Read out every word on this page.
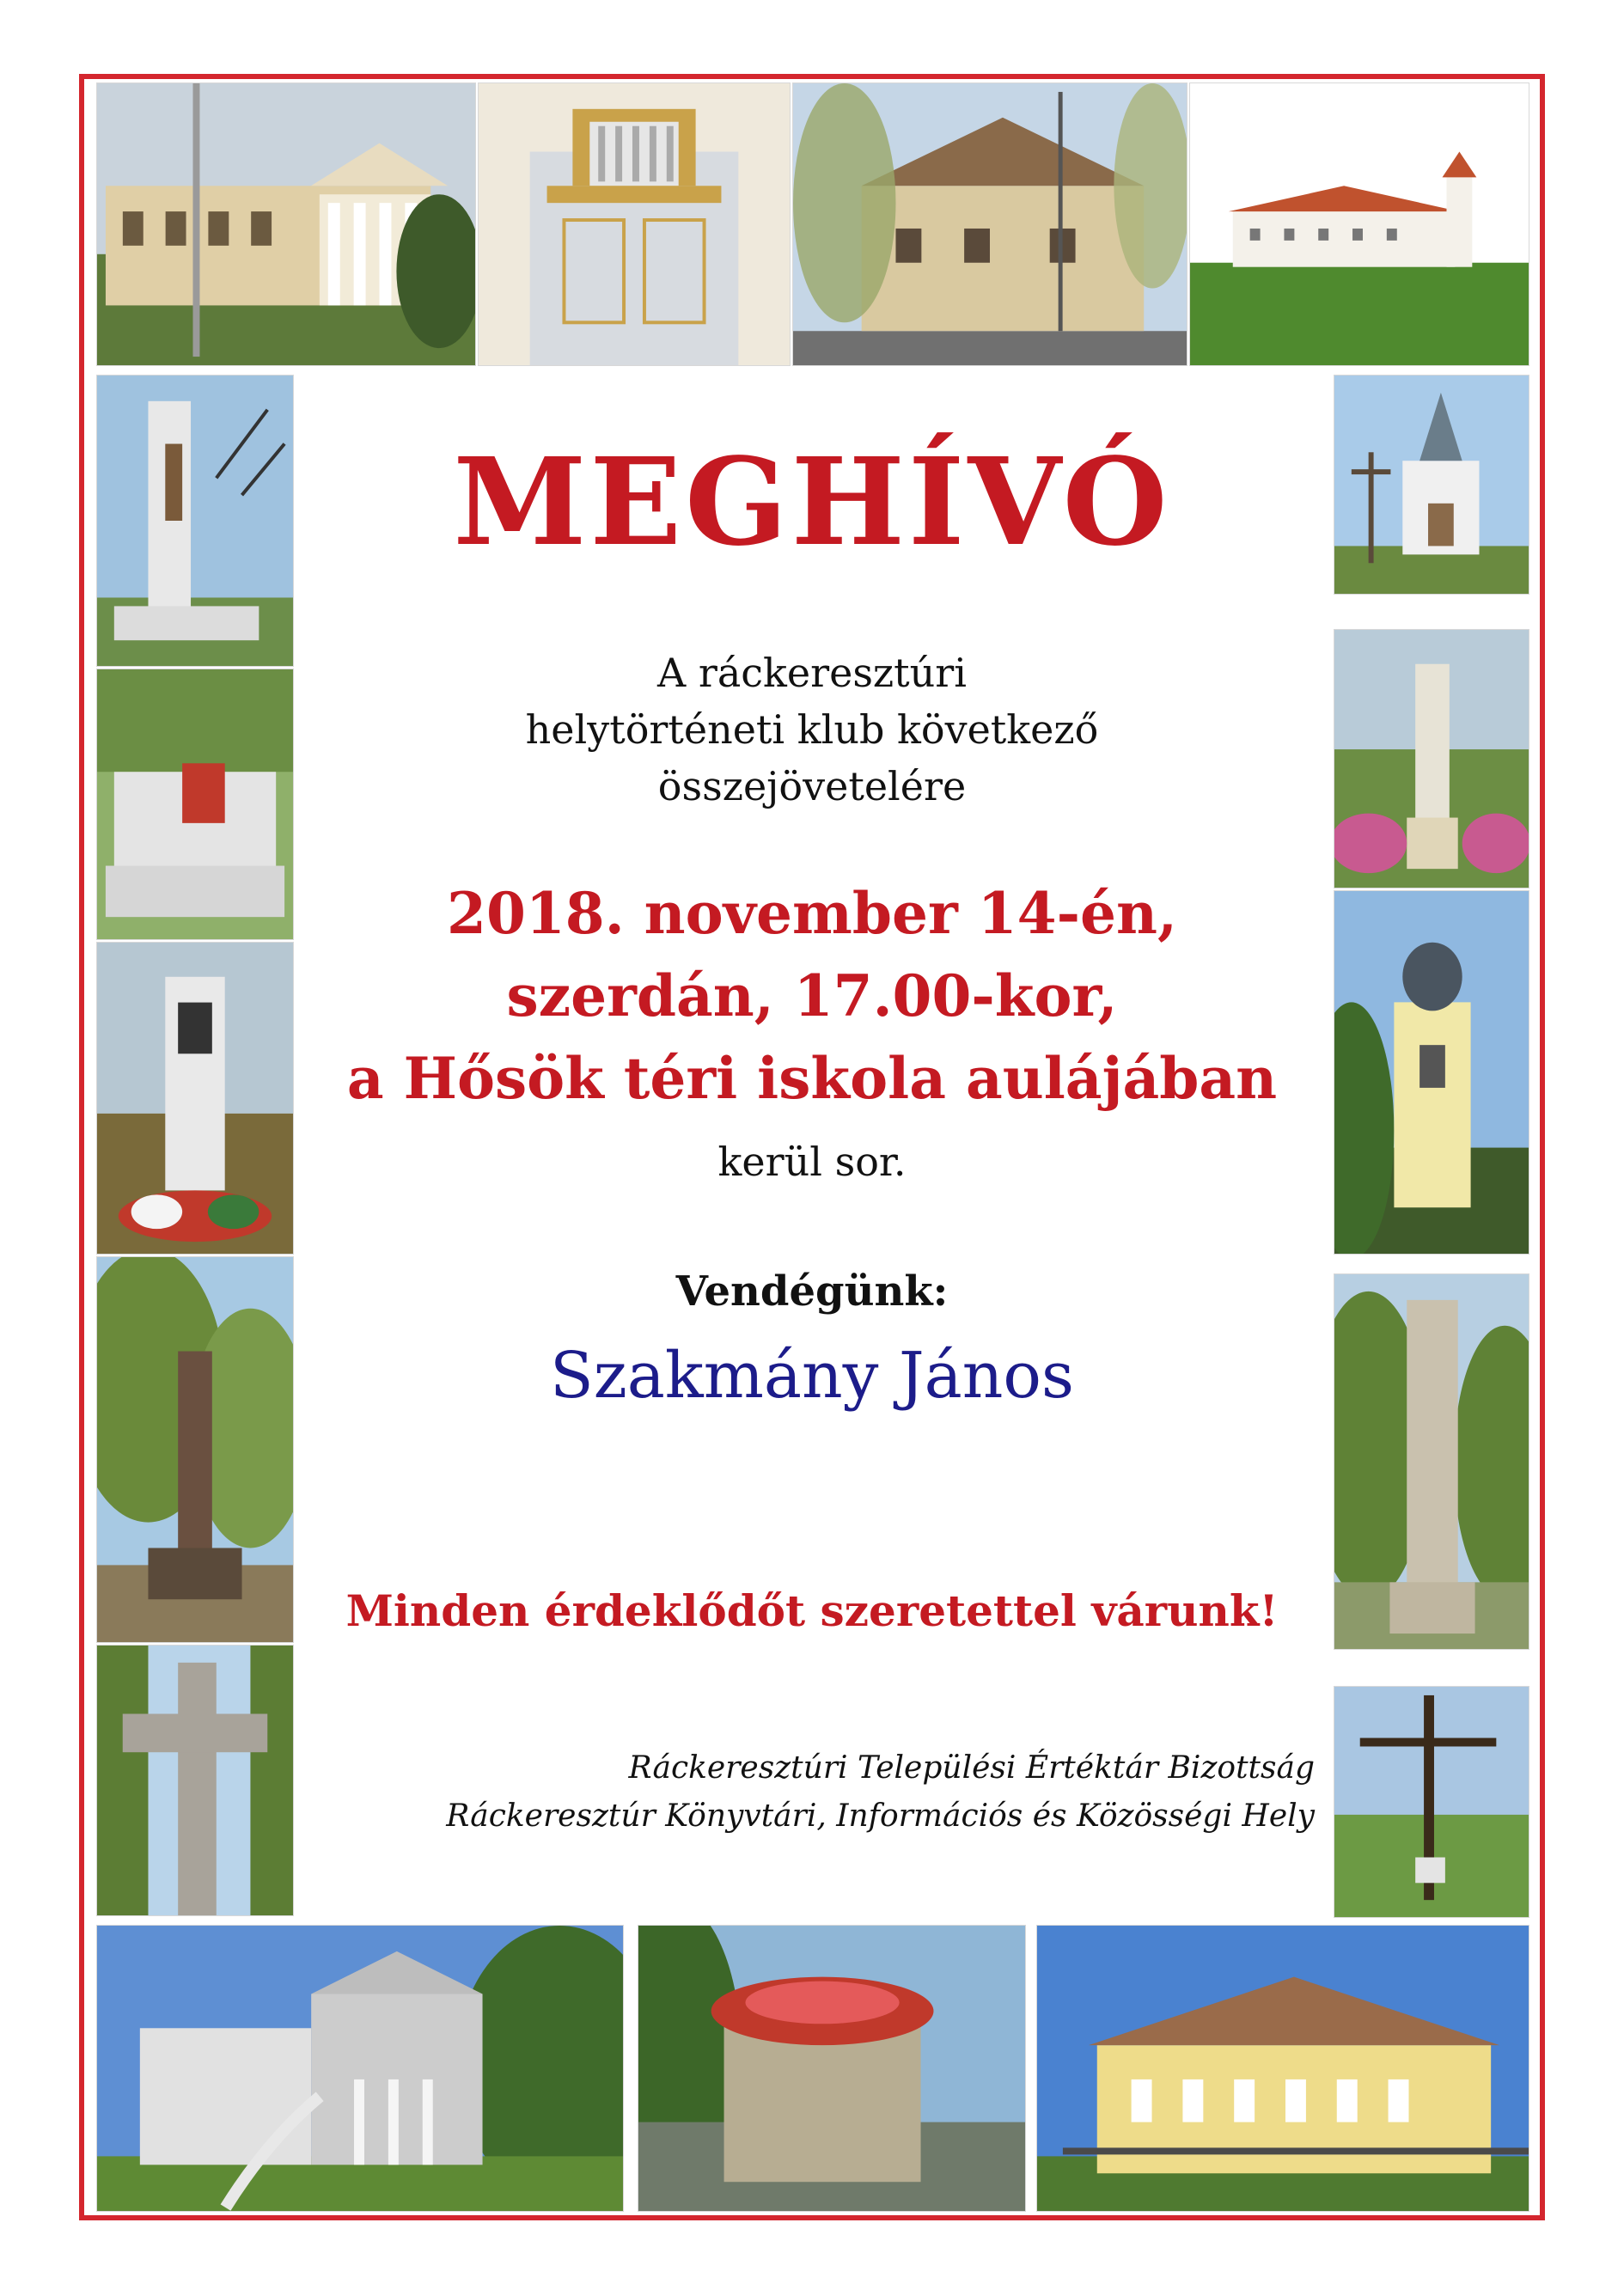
MEGHÍVÓ
A ráckeresztúri
helytörténeti klub következő
összejövetelére
2018. november 14-én,
szerdán, 17.00-kor,
a Hősök téri iskola aulájában
kerül sor.
Vendégünk:
Szakmány János
Minden érdeklődőt szeretettel várunk!
Ráckeresztúri Települési Értéktár Bizottság
Ráckeresztúr Könyvtári, Információs és Közösségi Hely
